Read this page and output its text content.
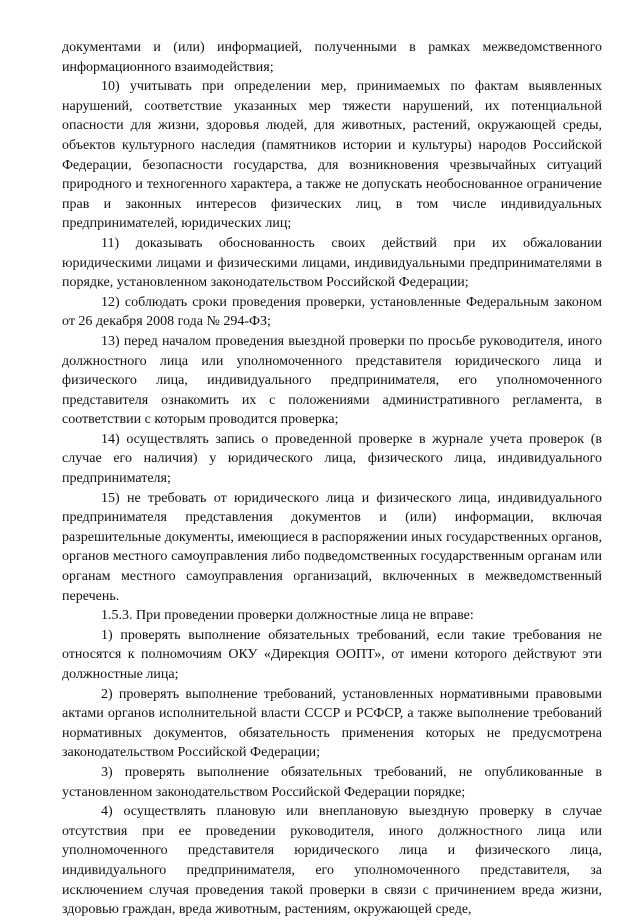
документами и (или) информацией, полученными в рамках межведомственного информационного взаимодействия;

10) учитывать при определении мер, принимаемых по фактам выявленных нарушений, соответствие указанных мер тяжести нарушений, их потенциальной опасности для жизни, здоровья людей, для животных, растений, окружающей среды, объектов культурного наследия (памятников истории и культуры) народов Российской Федерации, безопасности государства, для возникновения чрезвычайных ситуаций природного и техногенного характера, а также не допускать необоснованное ограничение прав и законных интересов физических лиц, в том числе индивидуальных предпринимателей, юридических лиц;

11) доказывать обоснованность своих действий при их обжаловании юридическими лицами и физическими лицами, индивидуальными предпринимателями в порядке, установленном законодательством Российской Федерации;

12) соблюдать сроки проведения проверки, установленные Федеральным законом от 26 декабря 2008 года № 294-ФЗ;

13) перед началом проведения выездной проверки по просьбе руководителя, иного должностного лица или уполномоченного представителя юридического лица и физического лица, индивидуального предпринимателя, его уполномоченного представителя ознакомить их с положениями административного регламента, в соответствии с которым проводится проверка;

14) осуществлять запись о проведенной проверке в журнале учета проверок (в случае его наличия) у юридического лица, физического лица, индивидуального предпринимателя;

15) не требовать от юридического лица и физического лица, индивидуального предпринимателя представления документов и (или) информации, включая разрешительные документы, имеющиеся в распоряжении иных государственных органов, органов местного самоуправления либо подведомственных государственным органам или органам местного самоуправления организаций, включенных в межведомственный перечень.

1.5.3. При проведении проверки должностные лица не вправе:

1) проверять выполнение обязательных требований, если такие требования не относятся к полномочиям ОКУ «Дирекция ООПТ», от имени которого действуют эти должностные лица;

2) проверять выполнение требований, установленных нормативными правовыми актами органов исполнительной власти СССР и РСФСР, а также выполнение требований нормативных документов, обязательность применения которых не предусмотрена законодательством Российской Федерации;

3) проверять выполнение обязательных требований, не опубликованные в установленном законодательством Российской Федерации порядке;

4) осуществлять плановую или внеплановую выездную проверку в случае отсутствия при ее проведении руководителя, иного должностного лица или уполномоченного представителя юридического лица и физического лица, индивидуального предпринимателя, его уполномоченного представителя, за исключением случая проведения такой проверки в связи с причинением вреда жизни, здоровью граждан, вреда животным, растениям, окружающей среде,
